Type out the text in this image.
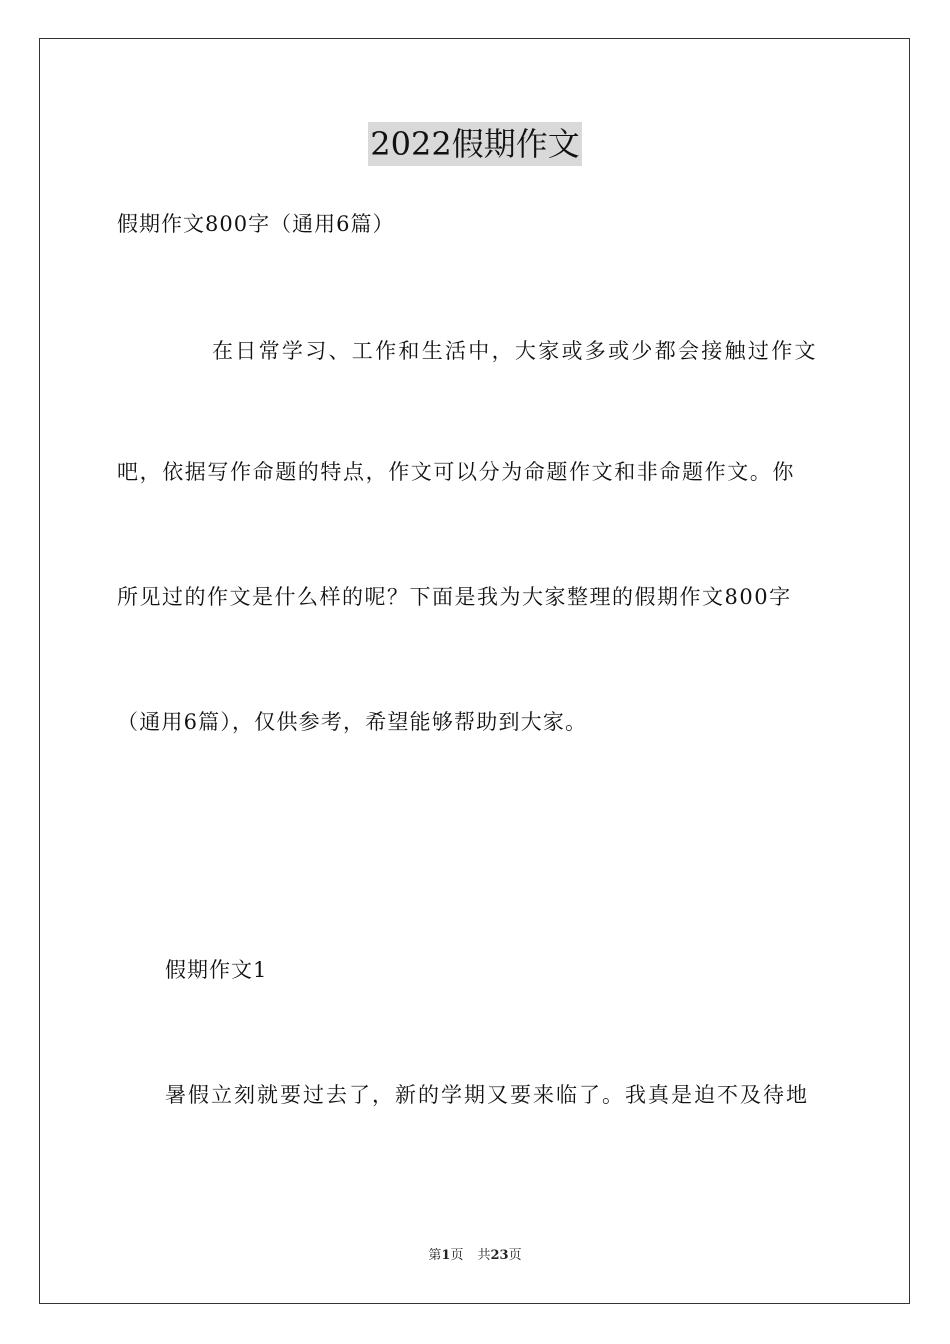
2022假期作文
假期作文800字（通用6篇）
在日常学习、工作和生活中，大家或多或少都会接触过作文
吧，依据写作命题的特点，作文可以分为命题作文和非命题作文。你
所见过的作文是什么样的呢？下面是我为大家整理的假期作文800字
（通用6篇），仅供参考，希望能够帮助到大家。
假期作文1
暑假立刻就要过去了，新的学期又要来临了。我真是迫不及待地
第1页 共23页
